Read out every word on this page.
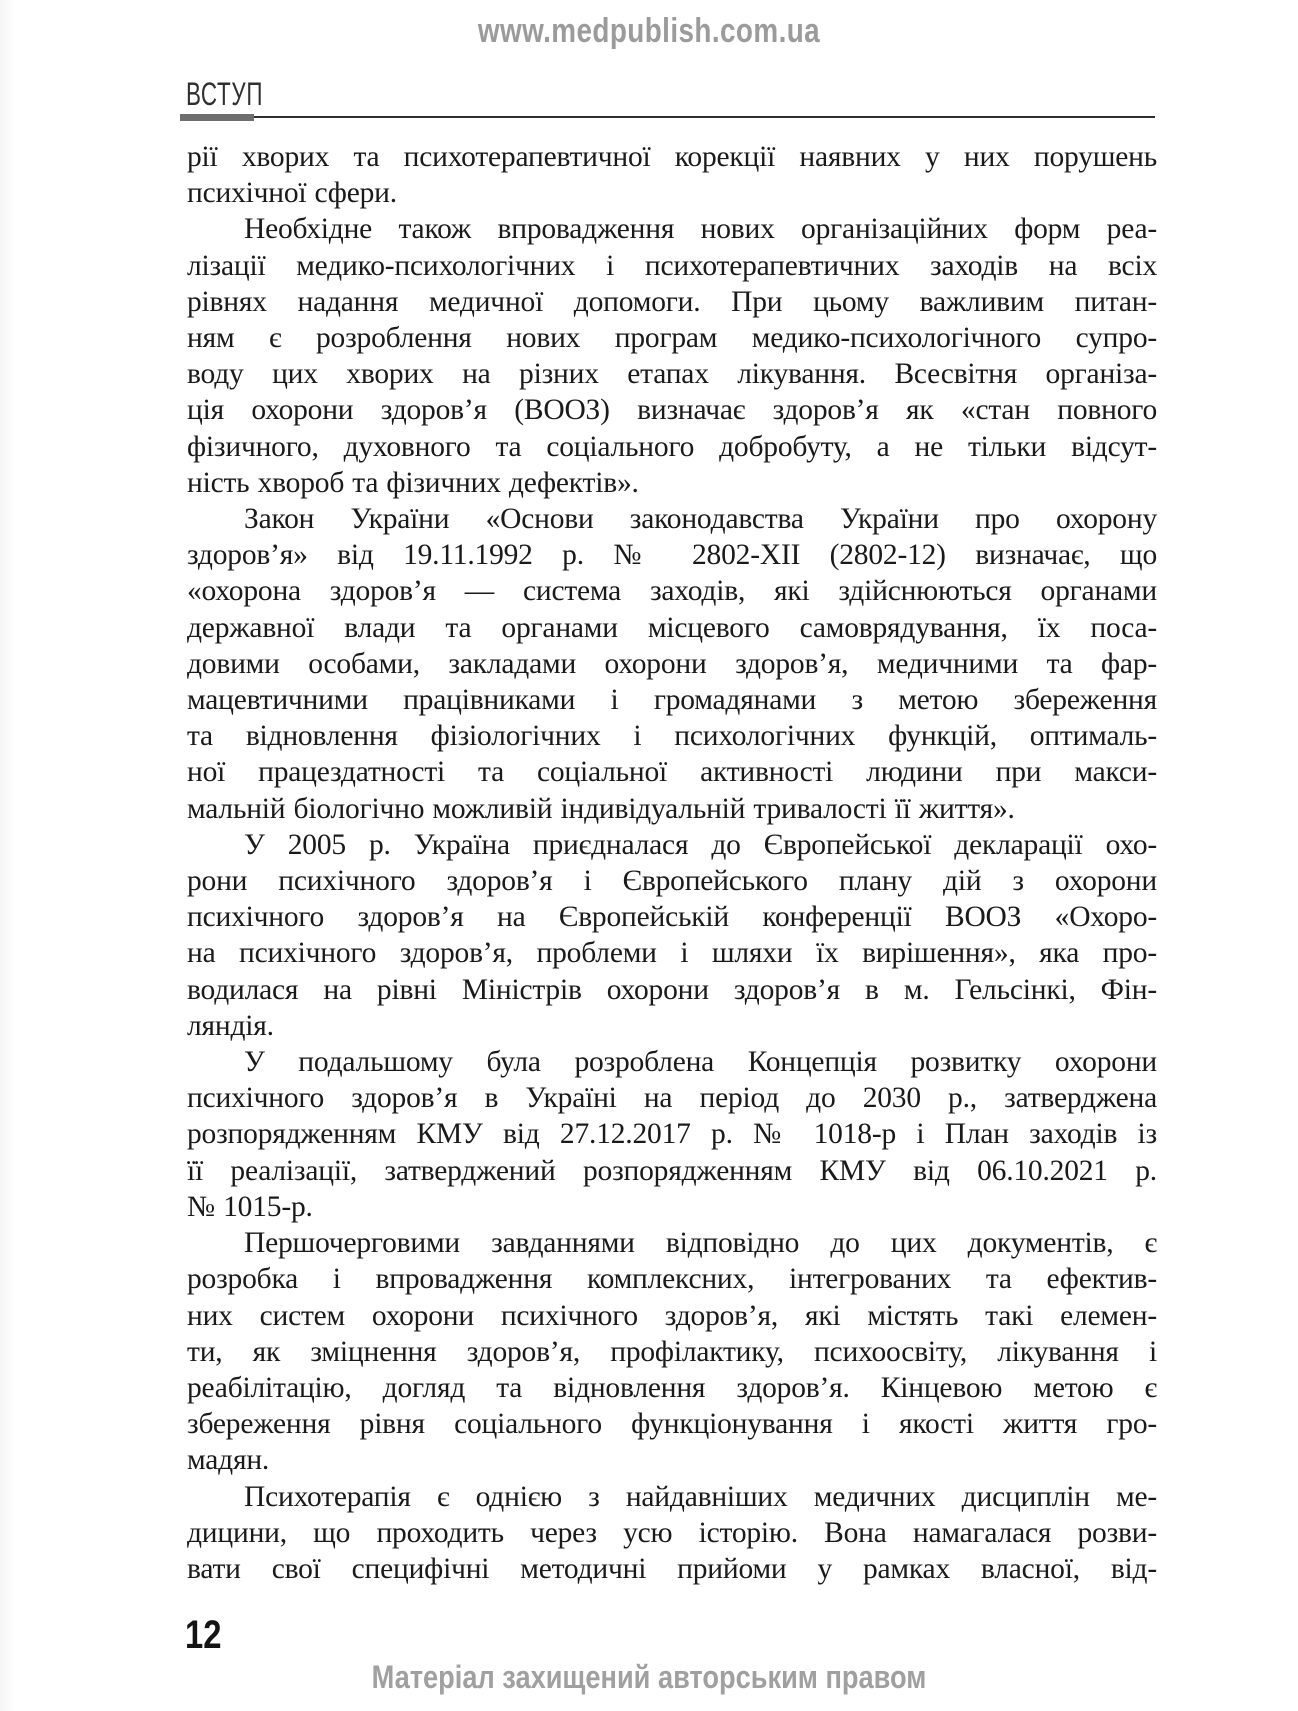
www.medpublish.com.ua
ВСТУП
рії хворих та психотерапевтичної корекції наявних у них порушень
психічної сфери.
Необхідне також впровадження нових організаційних форм реа-
лізації медико-психологічних і психотерапевтичних заходів на всіх
рівнях надання медичної допомоги. При цьому важливим питан-
ням є розроблення нових програм медико-психологічного супро-
воду цих хворих на різних етапах лікування. Всесвітня організа-
ція охорони здоров’я (ВООЗ) визначає здоров’я як «стан повного
фізичного, духовного та соціального добробуту, а не тільки відсут-
ність хвороб та фізичних дефектів».
Закон України «Основи законодавства України про охорону
здоров’я» від 19.11.1992 р. № 2802-XII (2802-12) визначає, що
«охорона здоров’я — система заходів, які здійснюються органами
державної влади та органами місцевого самоврядування, їх поса-
довими особами, закладами охорони здоров’я, медичними та фар-
мацевтичними працівниками і громадянами з метою збереження
та відновлення фізіологічних і психологічних функцій, оптималь-
ної працездатності та соціальної активності людини при макси-
мальній біологічно можливій індивідуальній тривалості її життя».
У 2005 р. Україна приєдналася до Європейської декларації охо-
рони психічного здоров’я і Європейського плану дій з охорони
психічного здоров’я на Європейській конференції ВООЗ «Охоро-
на психічного здоров’я, проблеми і шляхи їх вирішення», яка про-
водилася на рівні Міністрів охорони здоров’я в м. Гельсінкі, Фін-
ляндія.
У подальшому була розроблена Концепція розвитку охорони
психічного здоров’я в Україні на період до 2030 р., затверджена
розпорядженням КМУ від 27.12.2017 р. № 1018-р і План заходів із
її реалізації, затверджений розпорядженням КМУ від 06.10.2021 р.
№ 1015-р.
Першочерговими завданнями відповідно до цих документів, є
розробка і впровадження комплексних, інтегрованих та ефектив-
них систем охорони психічного здоров’я, які містять такі елемен-
ти, як зміцнення здоров’я, профілактику, психоосвіту, лікування і
реабілітацію, догляд та відновлення здоров’я. Кінцевою метою є
збереження рівня соціального функціонування і якості життя гро-
мадян.
Психотерапія є однією з найдавніших медичних дисциплін ме-
дицини, що проходить через усю історію. Вона намагалася розви-
вати свої специфічні методичні прийоми у рамках власної, від-
12
Матеріал захищений авторським правом
